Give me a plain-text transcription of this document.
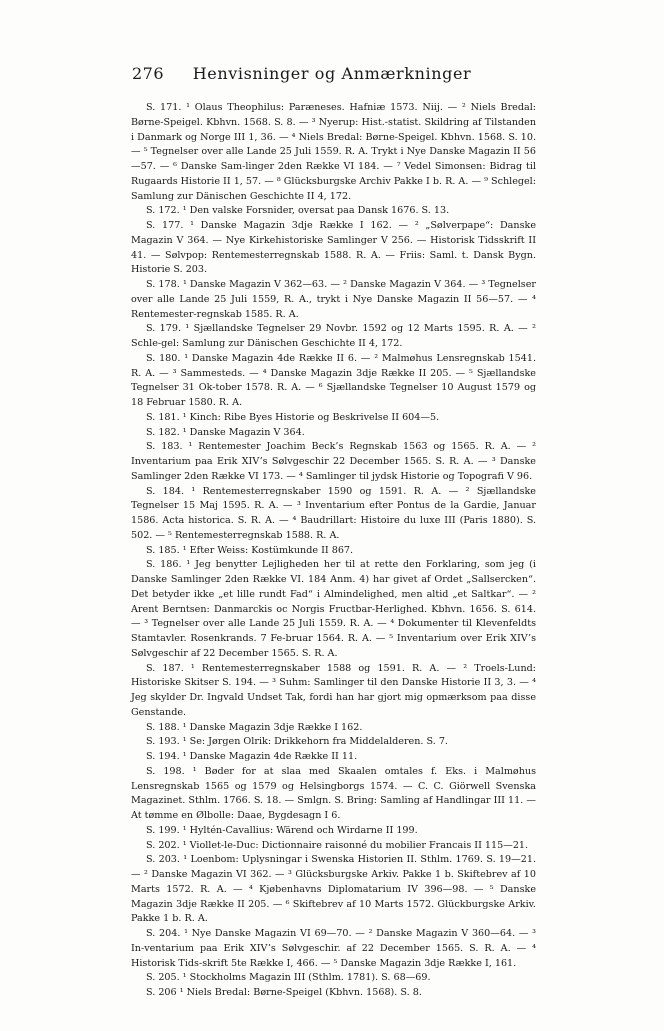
276	Henvisninger og Anmærkninger

S. 171. ¹ Olaus Theophilus: Paræneses. Hafniæ 1573. Niij. — ² Niels Bredal: Børne-Speigel. Kbhvn. 1568. S. 8. — ³ Nyerup: Hist.-statist. Skildring af Tilstanden i Danmark og Norge III 1, 36. — ⁴ Niels Bredal: Børne-Speigel. Kbhvn. 1568. S. 10. — ⁵ Tegnelser over alle Lande 25 Juli 1559. R. A. Trykt i Nye Danske Magazin II 56—57. — ⁶ Danske Sam-linger 2den Række VI 184. — ⁷ Vedel Simonsen: Bidrag til Rugaards Historie II 1, 57. — ⁸ Glücksburgske Archiv Pakke I b. R. A. — ⁹ Schlegel: Samlung zur Dänischen Geschichte II 4, 172.

S. 172. ¹ Den valske Forsnider, oversat paa Dansk 1676. S. 13.

S. 177. ¹ Danske Magazin 3dje Række I 162. — ² „Sølverpape“: Danske Magazin V 364. — Nye Kirkehistoriske Samlinger V 256. — Historisk Tidsskrift II 41. — Sølvpop: Rentemesterregnskab 1588. R. A. — Friis: Saml. t. Dansk Bygn. Historie S. 203.

S. 178. ¹ Danske Magazin V 362—63. — ² Danske Magazin V 364. — ³ Tegnelser over alle Lande 25 Juli 1559, R. A., trykt i Nye Danske Magazin II 56—57. — ⁴ Rentemester-regnskab 1585. R. A.

S. 179. ¹ Sjællandske Tegnelser 29 Novbr. 1592 og 12 Marts 1595. R. A. — ² Schle-gel: Samlung zur Dänischen Geschichte II 4, 172.

S. 180. ¹ Danske Magazin 4de Række II 6. — ² Malmøhus Lensregnskab 1541. R. A. — ³ Sammesteds. — ⁴ Danske Magazin 3dje Række II 205. — ⁵ Sjællandske Tegnelser 31 Ok-tober 1578. R. A. — ⁶ Sjællandske Tegnelser 10 August 1579 og 18 Februar 1580. R. A.

S. 181. ¹ Kinch: Ribe Byes Historie og Beskrivelse II 604—5.

S. 182. ¹ Danske Magazin V 364.

S. 183. ¹ Rentemester Joachim Beck’s Regnskab 1563 og 1565. R. A. — ² Inventarium paa Erik XIV’s Sølvgeschir 22 December 1565. S. R. A. — ³ Danske Samlinger 2den Række VI 173. — ⁴ Samlinger til jydsk Historie og Topografi V 96.

S. 184. ¹ Rentemesterregnskaber 1590 og 1591. R. A. — ² Sjællandske Tegnelser 15 Maj 1595. R. A. — ³ Inventarium efter Pontus de la Gardie, Januar 1586. Acta historica. S. R. A. — ⁴ Baudrillart: Histoire du luxe III (Paris 1880). S. 502. — ⁵ Rentemesterregnskab 1588. R. A.

S. 185. ¹ Efter Weiss: Kostümkunde II 867.

S. 186. ¹ Jeg benytter Lejligheden her til at rette den Forklaring, som jeg (i Danske Samlinger 2den Række VI. 184 Anm. 4) har givet af Ordet „Sallsercken“. Det betyder ikke „et lille rundt Fad“ i Almindelighed, men altid „et Saltkar“. — ² Arent Berntsen: Danmarckis oc Norgis Fructbar-Herlighed. Kbhvn. 1656. S. 614. — ³ Tegnelser over alle Lande 25 Juli 1559. R. A. — ⁴ Dokumenter til Klevenfeldts Stamtavler. Rosenkrands. 7 Fe-bruar 1564. R. A. — ⁵ Inventarium over Erik XIV’s Sølvgeschir af 22 December 1565. S. R. A.

S. 187. ¹ Rentemesterregnskaber 1588 og 1591. R. A. — ² Troels-Lund: Historiske Skitser S. 194. — ³ Suhm: Samlinger til den Danske Historie II 3, 3. — ⁴ Jeg skylder Dr. Ingvald Undset Tak, fordi han har gjort mig opmærksom paa disse Genstande.

S. 188. ¹ Danske Magazin 3dje Række I 162.

S. 193. ¹ Se: Jørgen Olrik: Drikkehorn fra Middelalderen. S. 7.

S. 194. ¹ Danske Magazin 4de Række II 11.

S. 198. ¹ Bøder for at slaa med Skaalen omtales f. Eks. i Malmøhus Lensregnskab 1565 og 1579 og Helsingborgs 1574. — C. C. Giörwell Svenska Magazinet. Sthlm. 1766. S. 18. — Smlgn. S. Bring: Samling af Handlingar III 11. — At tømme en Ølbolle: Daae, Bygdesagn I 6.

S. 199. ¹ Hyltén-Cavallius: Wärend och Wirdarne II 199.

S. 202. ¹ Viollet-le-Duc: Dictionnaire raisonné du mobilier Francais II 115—21.

S. 203. ¹ Loenbom: Uplysningar i Swenska Historien II. Sthlm. 1769. S. 19—21. — ² Danske Magazin VI 362. — ³ Glücksburgske Arkiv. Pakke 1 b. Skiftebrev af 10 Marts 1572. R. A. — ⁴ Kjøbenhavns Diplomatarium IV 396—98. — ⁵ Danske Magazin 3dje Række II 205. — ⁶ Skiftebrev af 10 Marts 1572. Glückburgske Arkiv. Pakke 1 b. R. A.

S. 204. ¹ Nye Danske Magazin VI 69—70. — ² Danske Magazin V 360—64. — ³ In-ventarium paa Erik XIV’s Sølvgeschir. af 22 December 1565. S. R. A. — ⁴ Historisk Tids-skrift 5te Række I, 466. — ⁵ Danske Magazin 3dje Række I, 161.

S. 205. ¹ Stockholms Magazin III (Sthlm. 1781). S. 68—69.

S. 206 ¹ Niels Bredal: Børne-Speigel (Kbhvn. 1568). S. 8.
